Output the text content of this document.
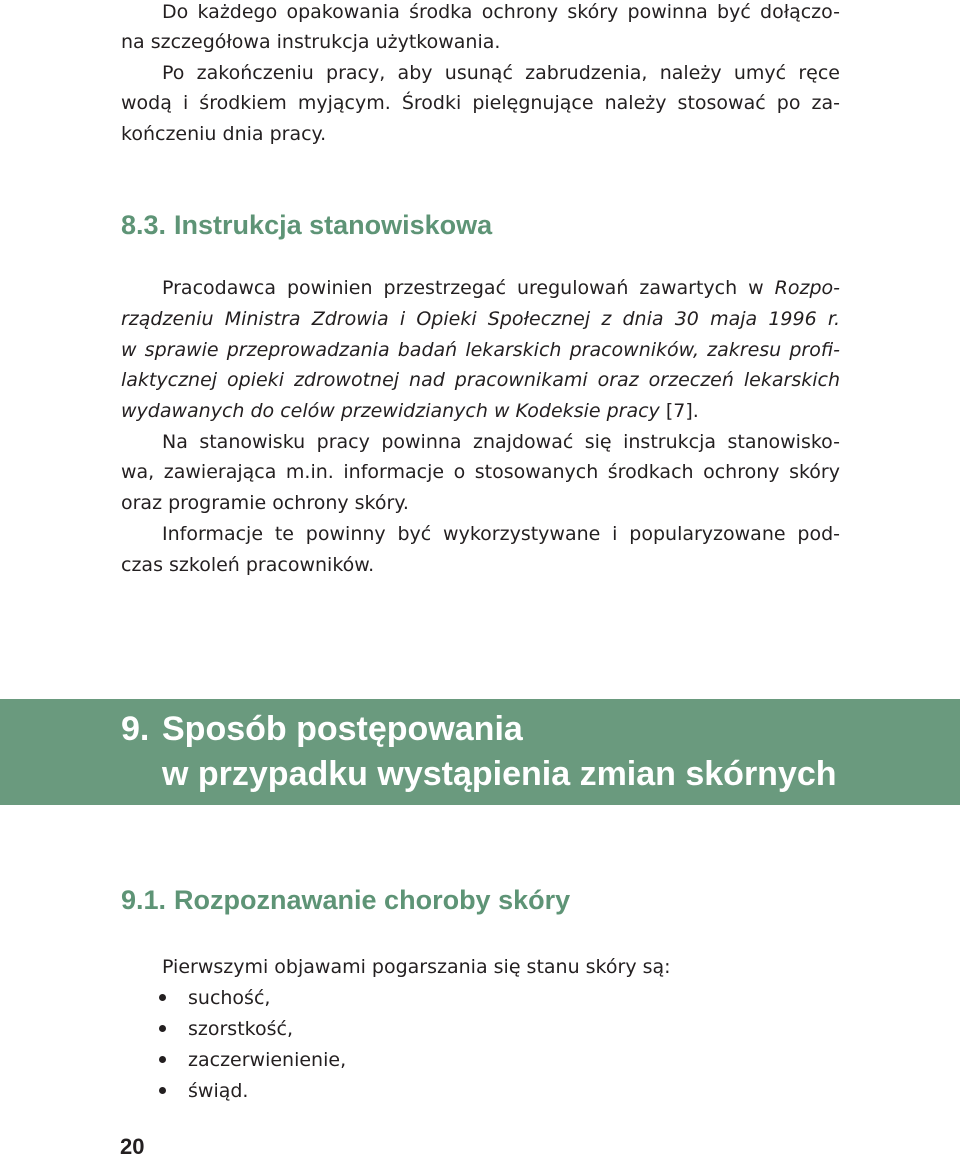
Do każdego opakowania środka ochrony skóry powinna być dołączo-

na szczegółowa instrukcja użytkowania.

Po zakończeniu pracy, aby usunąć zabrudzenia, należy umyć ręce

wodą i środkiem myjącym. Środki pielęgnujące należy stosować po za-

kończeniu dnia pracy.

8.3. Instrukcja stanowiskowa

Pracodawca powinien przestrzegać uregulowań zawartych w Rozpo-

rządzeniu Ministra Zdrowia i Opieki Społecznej z dnia 30 maja 1996 r.

w sprawie przeprowadzania badań lekarskich pracowników, zakresu profi-

laktycznej opieki zdrowotnej nad pracownikami oraz orzeczeń lekarskich

wydawanych do celów przewidzianych w Kodeksie pracy [7].

Na stanowisku pracy powinna znajdować się instrukcja stanowisko-

wa, zawierająca m.in. informacje o stosowanych środkach ochrony skóry

oraz programie ochrony skóry.

Informacje te powinny być wykorzystywane i popularyzowane pod-

czas szkoleń pracowników.

9. Sposób postępowania

w przypadku wystąpienia zmian skórnych

9.1. Rozpoznawanie choroby skóry

Pierwszymi objawami pogarszania się stanu skóry są:

suchość,

szorstkość,

zaczerwienienie,

świąd.

20
